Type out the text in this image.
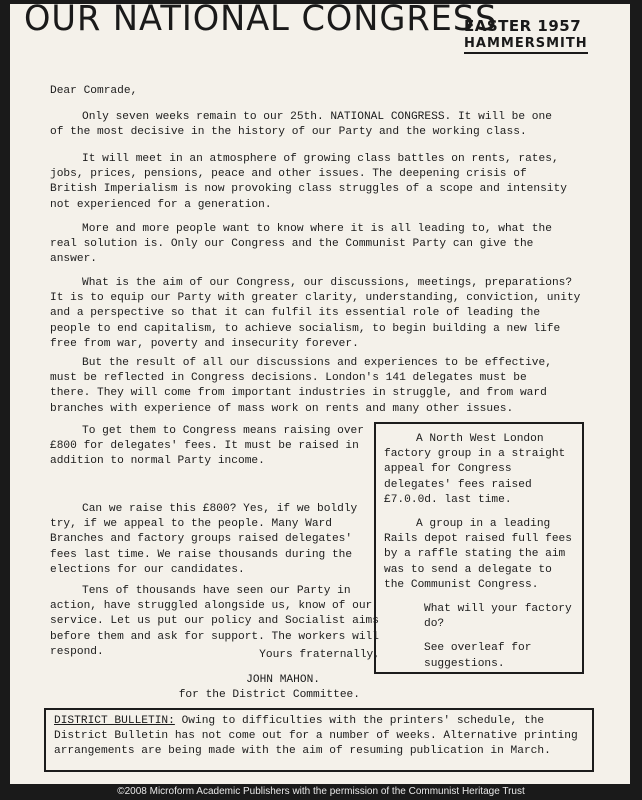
OUR NATIONAL CONGRESS
EASTER 1957
HAMMERSMITH

Dear Comrade,

Only seven weeks remain to our 25th. NATIONAL CONGRESS. It will be one of the most decisive in the history of our Party and the working class.

It will meet in an atmosphere of growing class battles on rents, rates, jobs, prices, pensions, peace and other issues. The deepening crisis of British Imperialism is now provoking class struggles of a scope and intensity not experienced for a generation.

More and more people want to know where it is all leading to, what the real solution is. Only our Congress and the Communist Party can give the answer.

What is the aim of our Congress, our discussions, meetings, preparations? It is to equip our Party with greater clarity, understanding, conviction, unity and a perspective so that it can fulfil its essential role of leading the people to end capitalism, to achieve socialism, to begin building a new life free from war, poverty and insecurity forever.

But the result of all our discussions and experiences to be effective, must be reflected in Congress decisions. London's 141 delegates must be there. They will come from important industries in struggle, and from ward branches with experience of mass work on rents and many other issues.

To get them to Congress means raising over £800 for delegates' fees. It must be raised in addition to normal Party income.

Can we raise this £800? Yes, if we boldly try, if we appeal to the people. Many Ward Branches and factory groups raised delegates' fees last time. We raise thousands during the elections for our candidates.

Tens of thousands have seen our Party in action, have struggled alongside us, know of our service. Let us put our policy and Socialist aims before them and ask for support. The workers will respond.	Yours fraternally,

JOHN MAHON.
for the District Committee.

A North West London factory group in a straight appeal for Congress delegates' fees raised £7.0.0d. last time.

A group in a leading Rails depot raised full fees by a raffle stating the aim was to send a delegate to the Communist Congress.

What will your factory do?

See overleaf for suggestions.

DISTRICT BULLETIN: Owing to difficulties with the printers' schedule, the District Bulletin has not come out for a number of weeks. Alternative printing arrangements are being made with the aim of resuming publication in March.
©2008 Microform Academic Publishers with the permission of the Communist Heritage Trust
